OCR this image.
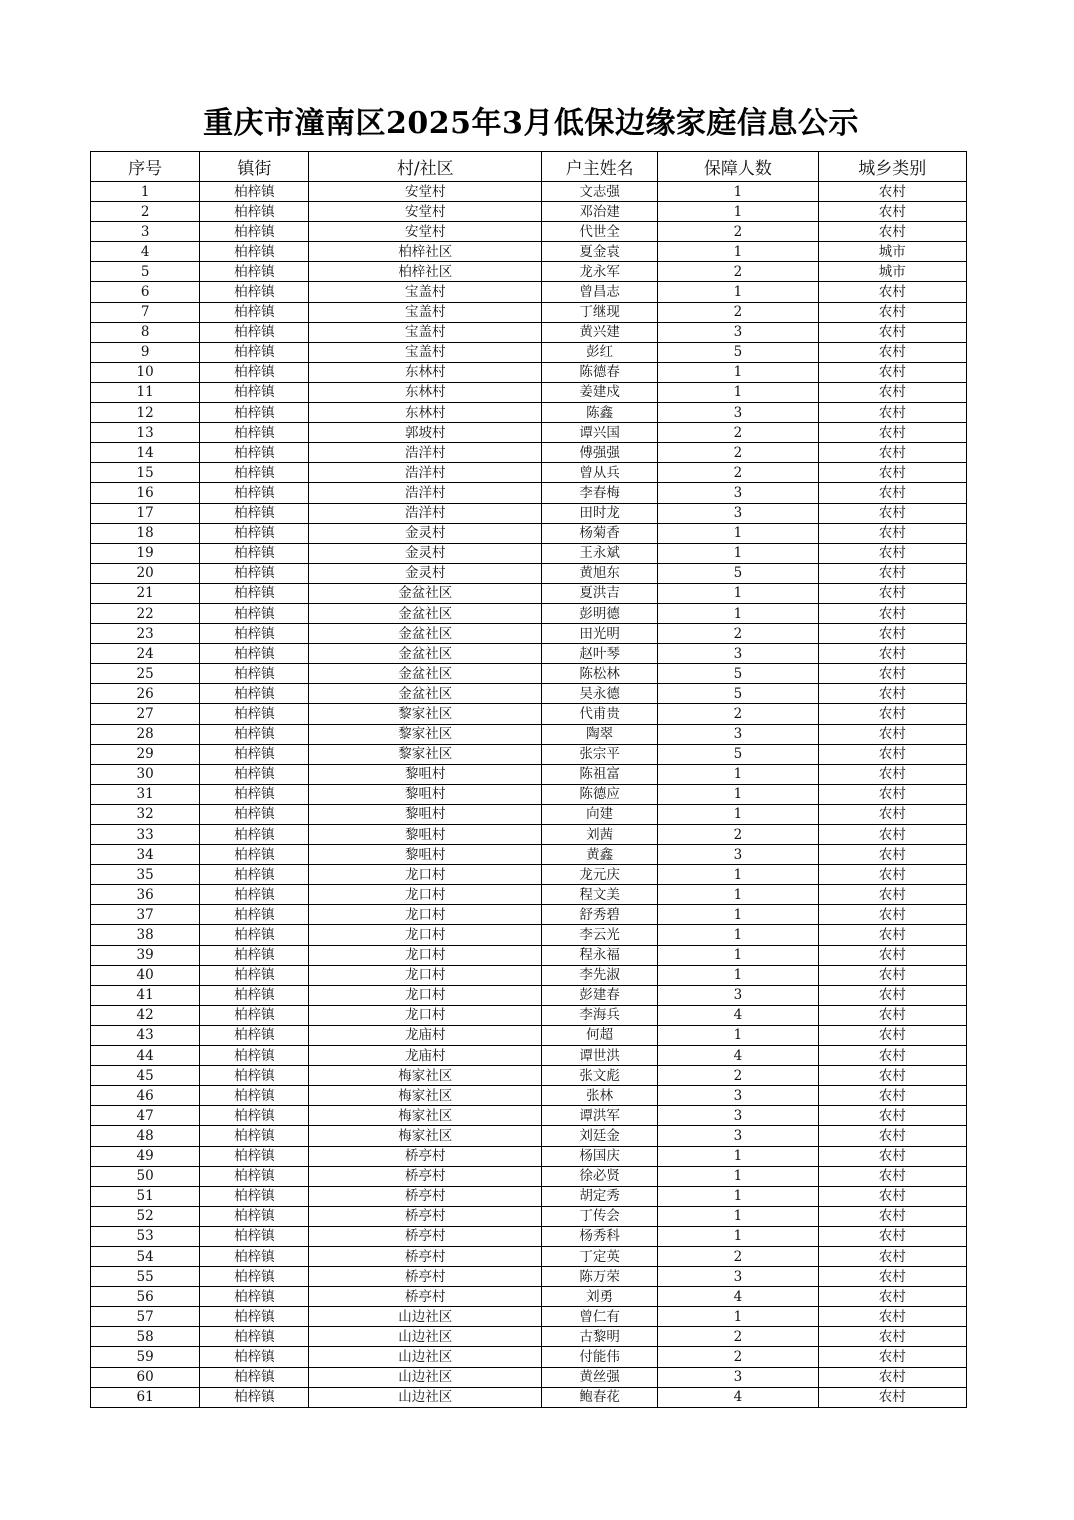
重庆市潼南区2025年3月低保边缘家庭信息公示
序号	镇街	村/社区	户主姓名	保障人数	城乡类别
1	柏梓镇	安堂村	文志强	1	农村
2	柏梓镇	安堂村	邓治建	1	农村
3	柏梓镇	安堂村	代世全	2	农村
4	柏梓镇	柏梓社区	夏金袁	1	城市
5	柏梓镇	柏梓社区	龙永军	2	城市
6	柏梓镇	宝盖村	曾昌志	1	农村
7	柏梓镇	宝盖村	丁继现	2	农村
8	柏梓镇	宝盖村	黄兴建	3	农村
9	柏梓镇	宝盖村	彭红	5	农村
10	柏梓镇	东林村	陈德春	1	农村
11	柏梓镇	东林村	姜建戍	1	农村
12	柏梓镇	东林村	陈鑫	3	农村
13	柏梓镇	郭坡村	谭兴国	2	农村
14	柏梓镇	浩洋村	傅强强	2	农村
15	柏梓镇	浩洋村	曾从兵	2	农村
16	柏梓镇	浩洋村	李春梅	3	农村
17	柏梓镇	浩洋村	田时龙	3	农村
18	柏梓镇	金灵村	杨菊香	1	农村
19	柏梓镇	金灵村	王永斌	1	农村
20	柏梓镇	金灵村	黄旭东	5	农村
21	柏梓镇	金盆社区	夏洪吉	1	农村
22	柏梓镇	金盆社区	彭明德	1	农村
23	柏梓镇	金盆社区	田光明	2	农村
24	柏梓镇	金盆社区	赵叶琴	3	农村
25	柏梓镇	金盆社区	陈松林	5	农村
26	柏梓镇	金盆社区	吴永德	5	农村
27	柏梓镇	黎家社区	代甫贵	2	农村
28	柏梓镇	黎家社区	陶翠	3	农村
29	柏梓镇	黎家社区	张宗平	5	农村
30	柏梓镇	黎咀村	陈祖富	1	农村
31	柏梓镇	黎咀村	陈德应	1	农村
32	柏梓镇	黎咀村	向建	1	农村
33	柏梓镇	黎咀村	刘茜	2	农村
34	柏梓镇	黎咀村	黄鑫	3	农村
35	柏梓镇	龙口村	龙元庆	1	农村
36	柏梓镇	龙口村	程文美	1	农村
37	柏梓镇	龙口村	舒秀碧	1	农村
38	柏梓镇	龙口村	李云光	1	农村
39	柏梓镇	龙口村	程永福	1	农村
40	柏梓镇	龙口村	李先淑	1	农村
41	柏梓镇	龙口村	彭建春	3	农村
42	柏梓镇	龙口村	李海兵	4	农村
43	柏梓镇	龙庙村	何超	1	农村
44	柏梓镇	龙庙村	谭世洪	4	农村
45	柏梓镇	梅家社区	张文彪	2	农村
46	柏梓镇	梅家社区	张林	3	农村
47	柏梓镇	梅家社区	谭洪军	3	农村
48	柏梓镇	梅家社区	刘廷金	3	农村
49	柏梓镇	桥亭村	杨国庆	1	农村
50	柏梓镇	桥亭村	徐必贤	1	农村
51	柏梓镇	桥亭村	胡定秀	1	农村
52	柏梓镇	桥亭村	丁传会	1	农村
53	柏梓镇	桥亭村	杨秀科	1	农村
54	柏梓镇	桥亭村	丁定英	2	农村
55	柏梓镇	桥亭村	陈万荣	3	农村
56	柏梓镇	桥亭村	刘勇	4	农村
57	柏梓镇	山边社区	曾仁有	1	农村
58	柏梓镇	山边社区	古黎明	2	农村
59	柏梓镇	山边社区	付能伟	2	农村
60	柏梓镇	山边社区	黄丝强	3	农村
61	柏梓镇	山边社区	鲍春花	4	农村
